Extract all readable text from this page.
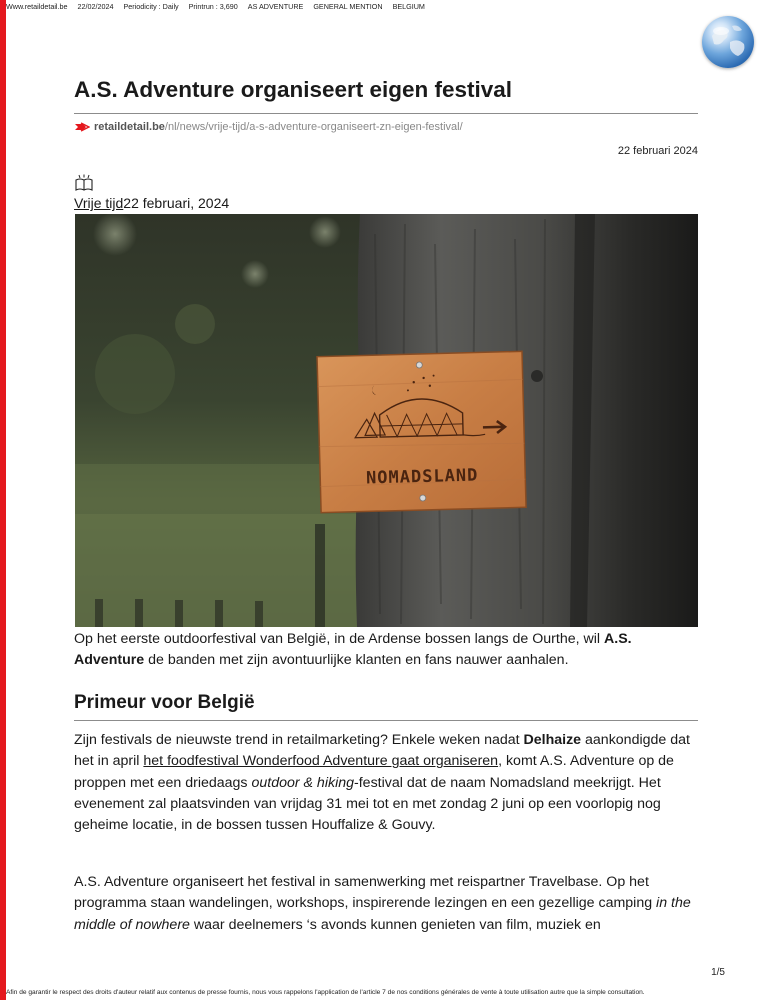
Www.retaildetail.be 22/02/2024 Periodicity : Daily Printrun : 3,690 AS ADVENTURE GENERAL MENTION BELGIUM
A.S. Adventure organiseert eigen festival
retaildetail.be/nl/news/vrije-tijd/a-s-adventure-organiseert-zn-eigen-festival/
22 februari 2024
Vrije tijd22 februari, 2024
NOMADSLAND
Op het eerste outdoorfestival van België, in de Ardense bossen langs de Ourthe, wil A.S. Adventure de banden met zijn avontuurlijke klanten en fans nauwer aanhalen.
Primeur voor België
Zijn festivals de nieuwste trend in retailmarketing? Enkele weken nadat Delhaize aankondigde dat het in april het foodfestival Wonderfood Adventure gaat organiseren, komt A.S. Adventure op de proppen met een driedaags outdoor & hiking-festival dat de naam Nomadsland meekrijgt. Het evenement zal plaatsvinden van vrijdag 31 mei tot en met zondag 2 juni op een voorlopig nog geheime locatie, in de bossen tussen Houffalize & Gouvy.
A.S. Adventure organiseert het festival in samenwerking met reispartner Travelbase. Op het programma staan wandelingen, workshops, inspirerende lezingen en een gezellige camping in the middle of nowhere waar deelnemers ‘s avonds kunnen genieten van film, muziek en
1/5
Afin de garantir le respect des droits d'auteur relatif aux contenus de presse fournis, nous vous rappelons l'application de l'article 7 de nos conditions générales de vente à toute utilisation autre que la simple consultation.
